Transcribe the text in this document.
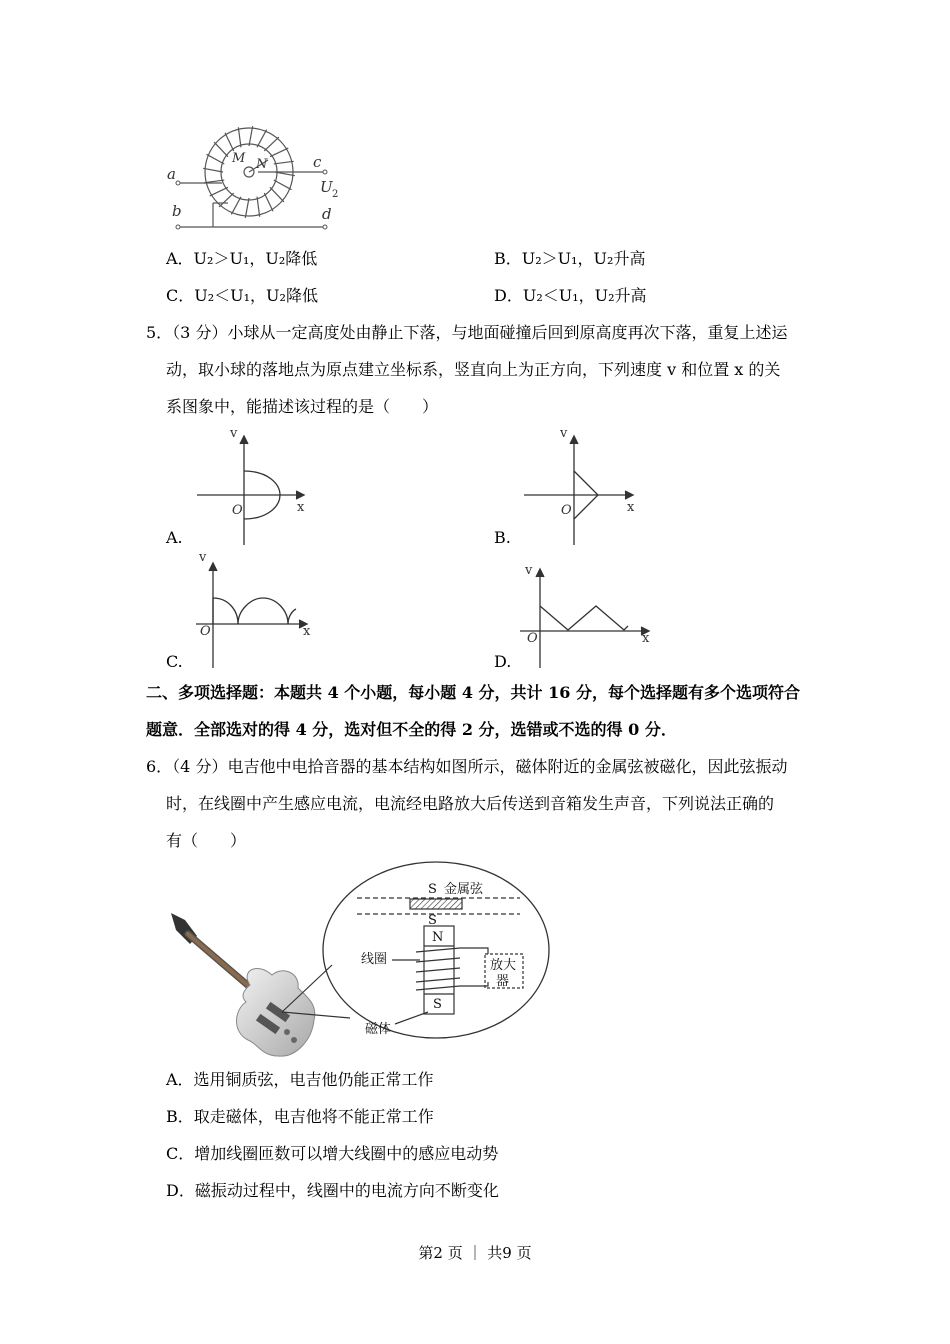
a
b
c
d
M N
U 2
A．U₂＞U₁，U₂降低	B．U₂＞U₁，U₂升高
C．U₂＜U₁，U₂降低	D．U₂＜U₁，U₂升高
5．（3 分）小球从一定高度处由静止下落，与地面碰撞后回到原高度再次下落，重复上述运
动，取小球的落地点为原点建立坐标系，竖直向上为正方向，下列速度 v 和位置 x 的关
系图象中，能描述该过程的是（　　）
v
x
O
A.
v
x
O
B.
v
x
O
C.
v
x
O
D.
二、多项选择题：本题共 4 个小题，每小题 4 分，共计 16 分，每个选择题有多个选项符合
题意．全部选对的得 4 分，选对但不全的得 2 分，选错或不选的得 0 分．
6．（4 分）电吉他中电拾音器的基本结构如图所示，磁体附近的金属弦被磁化，因此弦振动
时，在线圈中产生感应电流，电流经电路放大后传送到音箱发生声音，下列说法正确的
有（　　）
S 金属弦
S
N
线圈	放大
器
S
磁体
A．选用铜质弦，电吉他仍能正常工作
B．取走磁体，电吉他将不能正常工作
C．增加线圈匝数可以增大线圈中的感应电动势
D．磁振动过程中，线圈中的电流方向不断变化
第2 页 ｜ 共9 页
